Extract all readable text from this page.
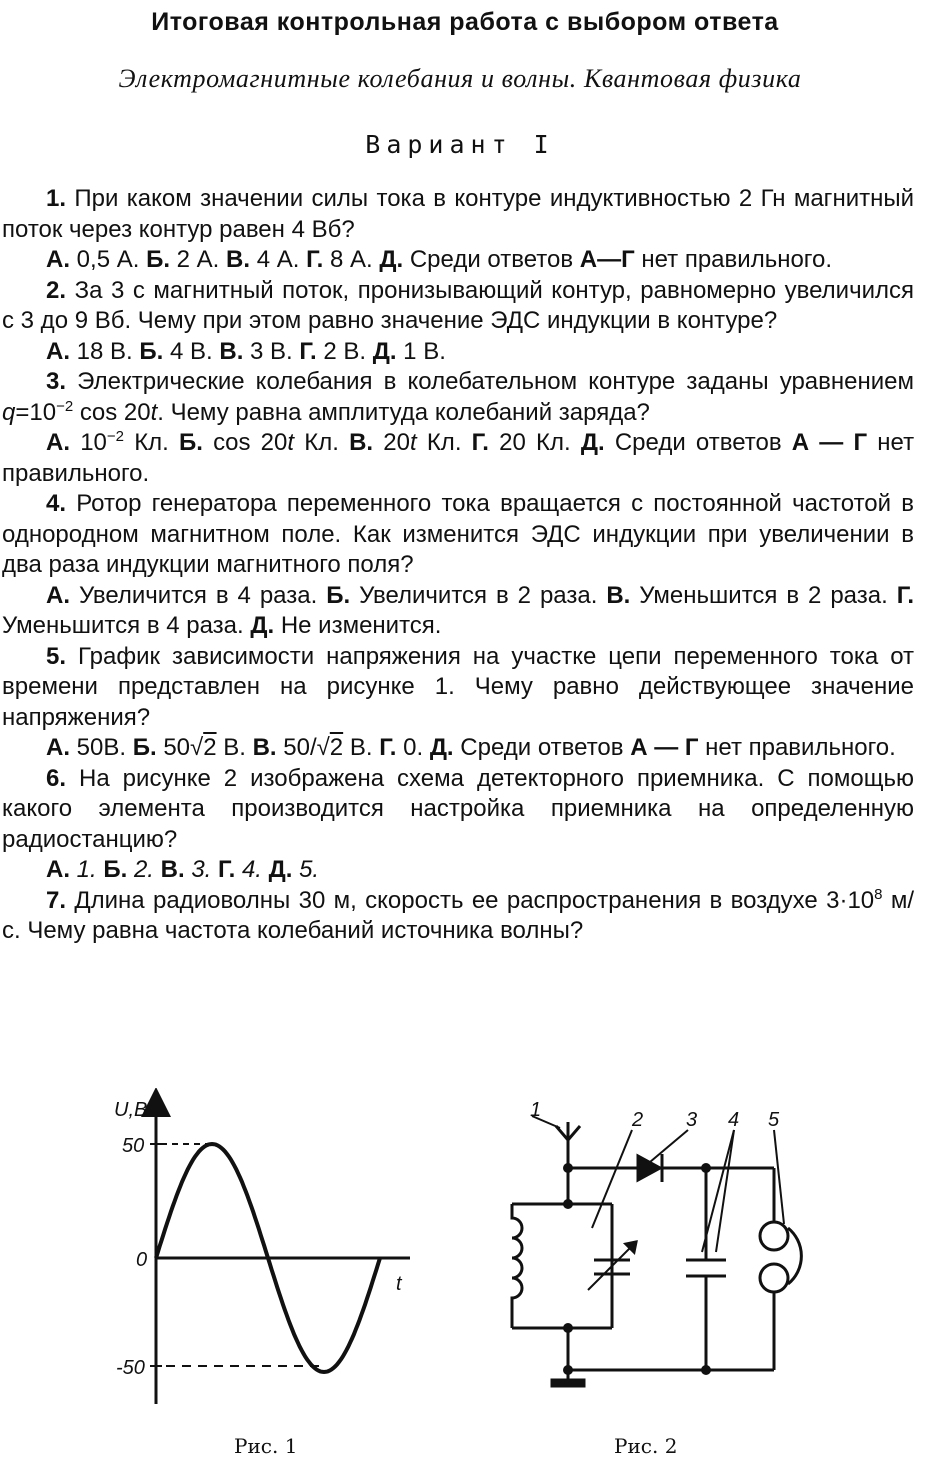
Итоговая контрольная работа с выбором ответа
Электромагнитные колебания и волны. Квантовая физика
Вариант I

1. При каком значении силы тока в контуре индуктивностью 2 Гн магнитный поток через контур равен 4 Вб?

А. 0,5 А. Б. 2 А. В. 4 А. Г. 8 А. Д. Среди ответов А—Г нет правильного.

2. За 3 с магнитный поток, пронизывающий контур, равномерно увеличился с 3 до 9 Вб. Чему при этом равно значение ЭДС индукции в контуре?

А. 18 В. Б. 4 В. В. 3 В. Г. 2 В. Д. 1 В.

3. Электрические колебания в колебательном контуре заданы уравнением $q=10^{-2}$ cos 20t. Чему равна амплитуда колебаний заряда?

А. $10^{-2}$ Кл. Б. cos 20t Кл. В. 20t Кл. Г. 20 Кл. Д. Среди ответов А — Г нет правильного.

4. Ротор генератора переменного тока вращается с постоянной частотой в однородном магнитном поле. Как изменится ЭДС индукции при увеличении в два раза индукции магнитного поля?

А. Увеличится в 4 раза. Б. Увеличится в 2 раза. В. Уменьшится в 2 раза. Г. Уменьшится в 4 раза. Д. Не изменится.

5. График зависимости напряжения на участке цепи переменного тока от времени представлен на рисунке 1. Чему равно действующее значение напряжения?

А. 50В. Б. 50√2 В. В. 50/√2 В. Г. 0. Д. Среди ответов А — Г нет правильного.

6. На рисунке 2 изображена схема детекторного приемника. С помощью какого элемента производится настройка приемника на определенную радиостанцию?

А. 1. Б. 2. В. 3. Г. 4. Д. 5.

7. Длина радиоволны 30 м, скорость ее распространения в воздухе $3\cdot 10^8$ м/с. Чему равна частота колебаний источника волны?

U,B
t
50
0
-50
Рис. 1
1	2 3 4 5
Рис. 2
